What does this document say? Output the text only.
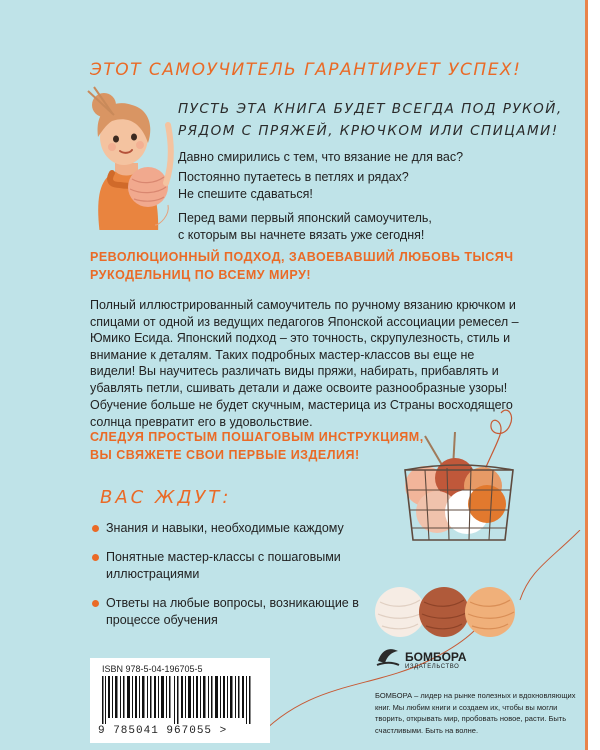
ЭТОТ САМОУЧИТЕЛЬ ГАРАНТИРУЕТ УСПЕХ!
ПУСТЬ ЭТА КНИГА БУДЕТ ВСЕГДА ПОД РУКОЙ,
РЯДОМ С ПРЯЖЕЙ, КРЮЧКОМ ИЛИ СПИЦАМИ!
Давно смирились с тем, что вязание не для вас?
Постоянно путаетесь в петлях и рядах?
Не спешите сдаваться!
Перед вами первый японский самоучитель,
с которым вы начнете вязать уже сегодня!
РЕВОЛЮЦИОННЫЙ ПОДХОД, ЗАВОЕВАВШИЙ ЛЮБОВЬ ТЫСЯЧ
РУКОДЕЛЬНИЦ ПО ВСЕМУ МИРУ!
Полный иллюстрированный самоучитель по ручному вязанию крючком и спицами от одной из ведущих педагогов Японской ассоциации ремесел – Юмико Есида. Японский подход – это точность, скрупулезность, стиль и внимание к деталям. Таких подробных мастер-классов вы еще не видели! Вы научитесь различать виды пряжи, набирать, прибавлять и убавлять петли, сшивать детали и даже освоите разнообразные узоры!
Обучение больше не будет скучным, мастерица из Страны восходящего солнца превратит его в удовольствие.
СЛЕДУЯ ПРОСТЫМ ПОШАГОВЫМ ИНСТРУКЦИЯМ,
ВЫ СВЯЖЕТЕ СВОИ ПЕРВЫЕ ИЗДЕЛИЯ!
ВАС ЖДУТ:
Знания и навыки, необходимые каждому
Понятные мастер-классы с пошаговыми иллюстрациями
Ответы на любые вопросы, возникающие в процессе обучения
ISBN 978-5-04-196705-5
9 785041 967055 >
БОМБОРА
ИЗДАТЕЛЬСТВО
БОМБОРА – лидер на рынке полезных и вдохновляющих книг. Мы любим книги и создаем их, чтобы вы могли творить, открывать мир, пробовать новое, расти. Быть счастливыми. Быть на волне.
